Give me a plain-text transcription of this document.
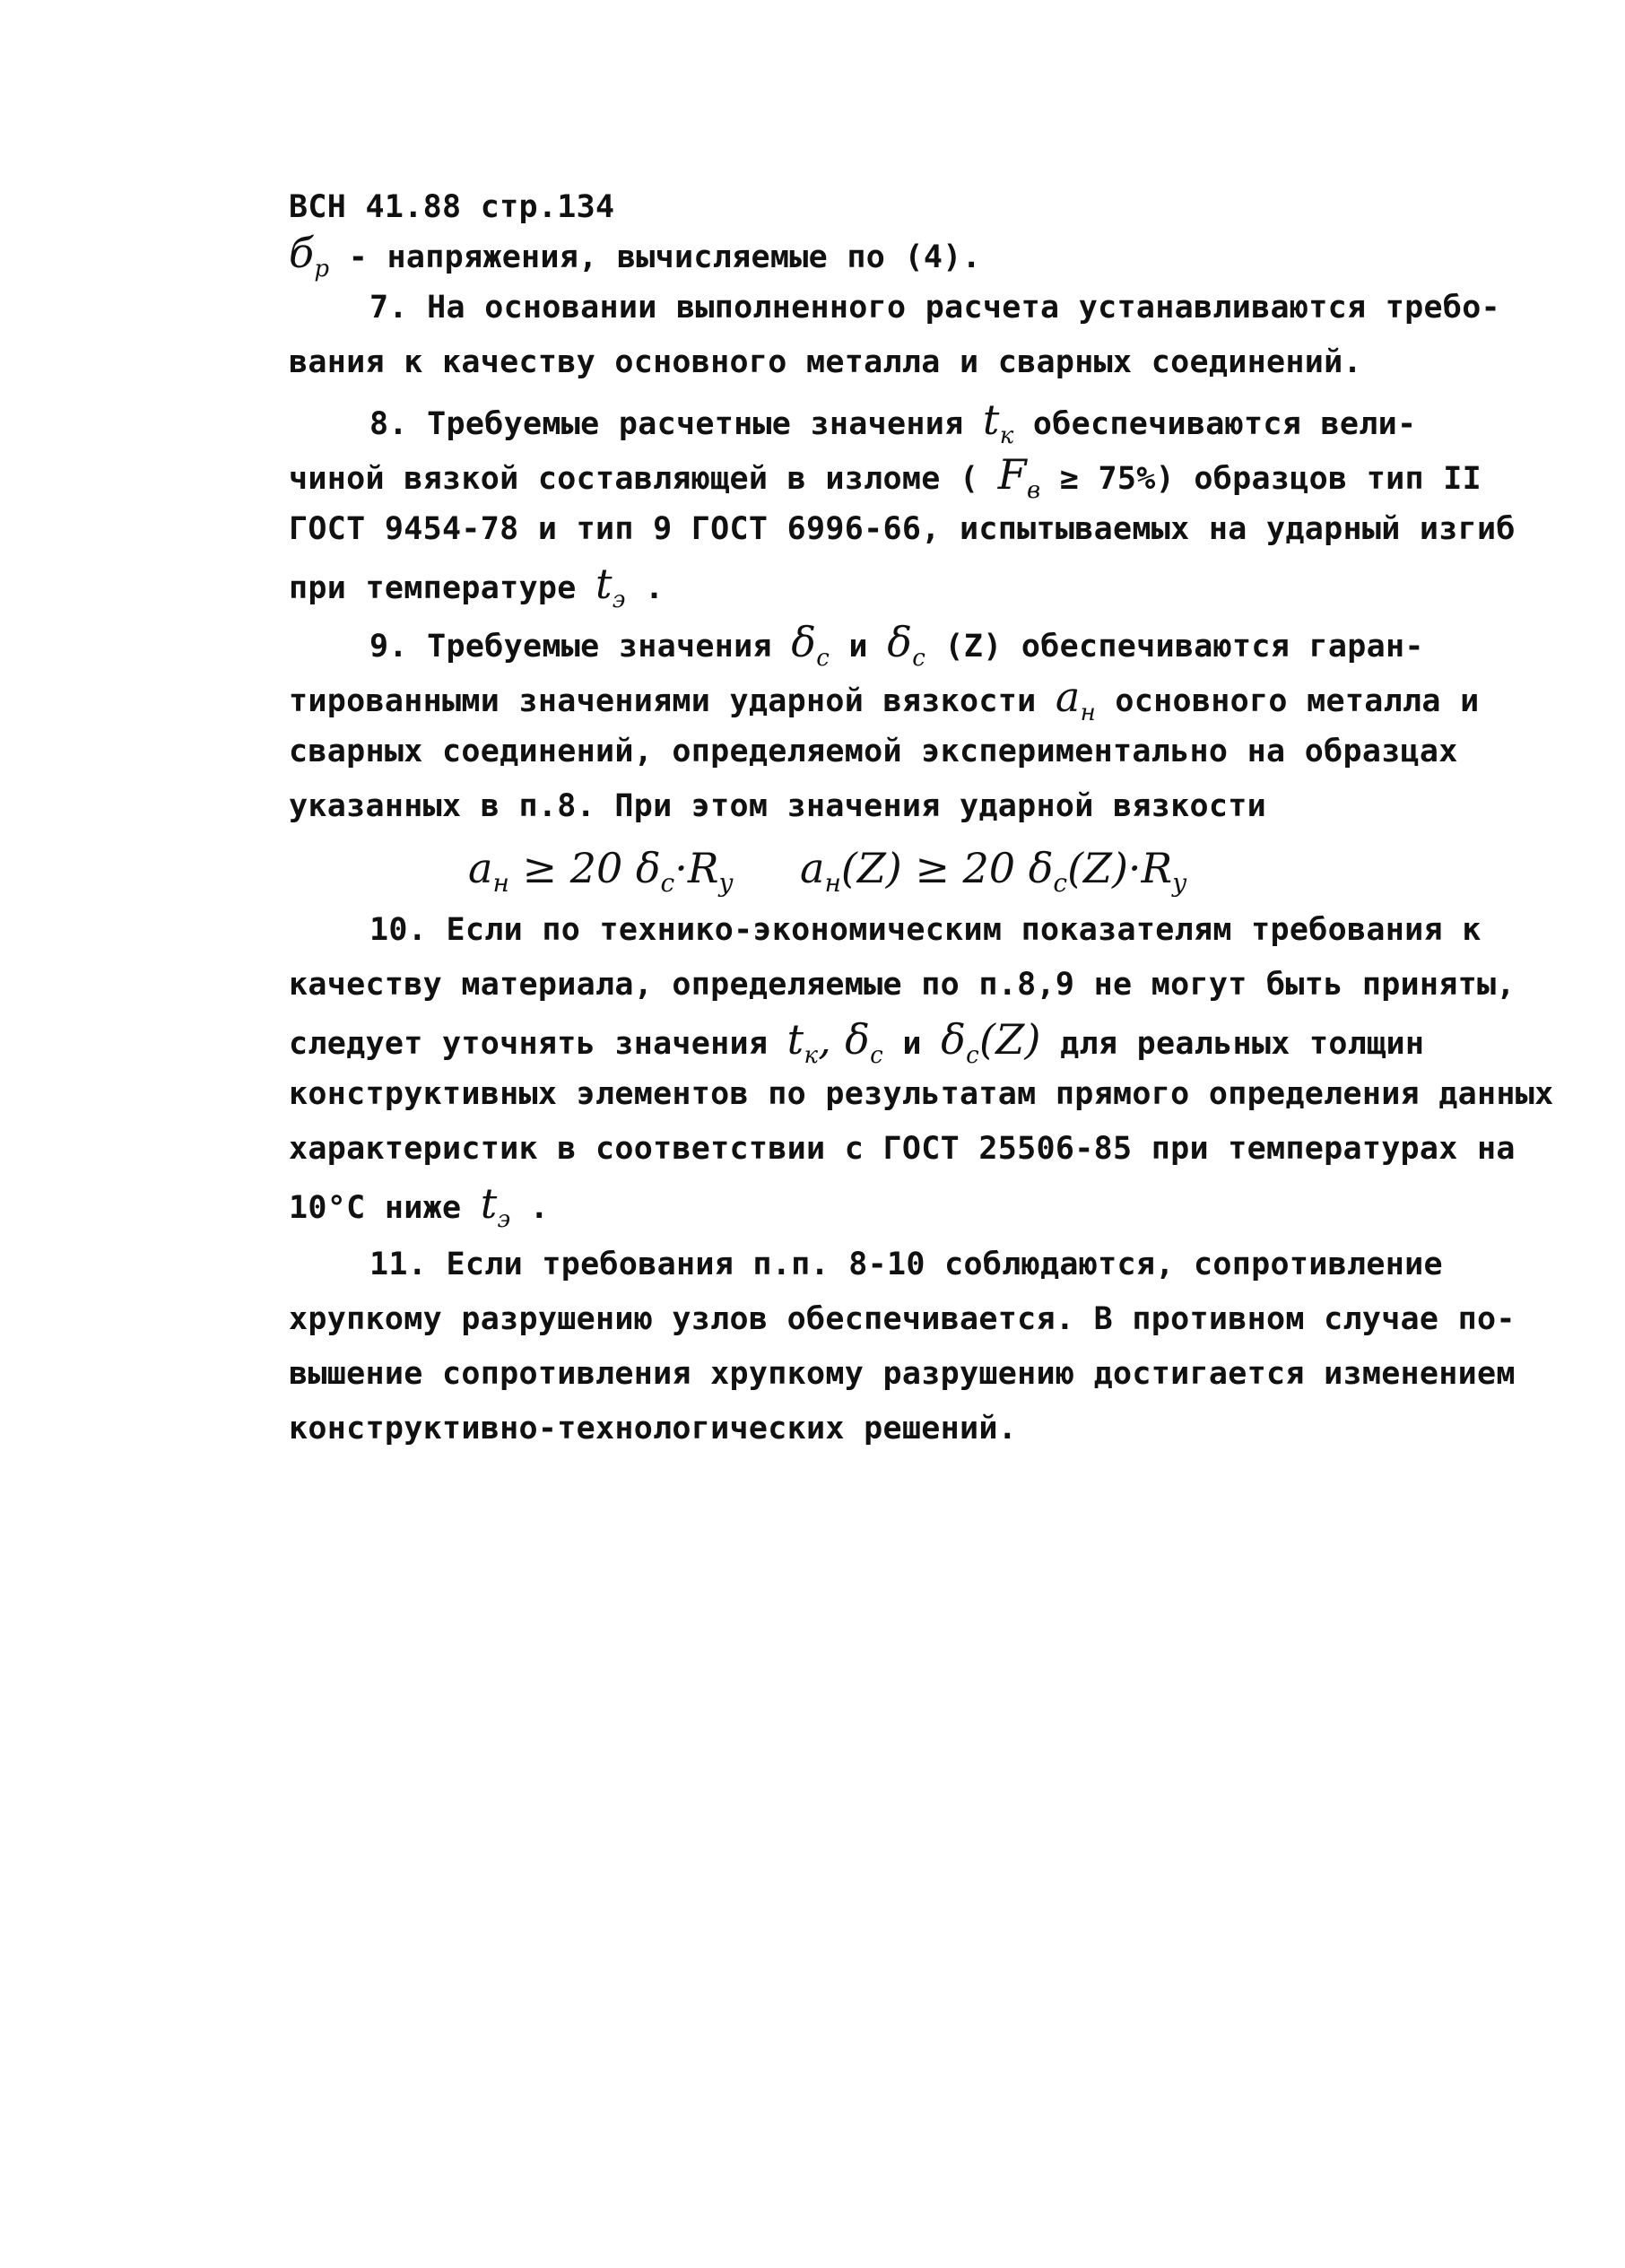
ВСН 41.88 стр.134
$б_р$ - напряжения, вычисляемые по (4).
7. На основании выполненного расчета устанавливаются требо-
вания к качеству основного металла и сварных соединений.
8. Требуемые расчетные значения $t_к$ обеспечиваются вели-
чиной вязкой составляющей в изломе ( $F_в \ge 75\%$) образцов тип II
ГОСТ 9454-78 и тип 9 ГОСТ 6996-66, испытываемых на ударный изгиб
при температуре $t_э$ .
9. Требуемые значения $\delta_c$ и $\delta_c$ (Z) обеспечиваются гаран-
тированными значениями ударной вязкости $a_н$ основного металла и
сварных соединений, определяемой экспериментально на образцах
указанных в п.8. При этом значения ударной вязкости
$a_н \ge 20$ $\delta_c\cdot R_y$ $a_н(Z) \ge 20$ $\delta_c(Z)\cdot R_y$
10. Если по технико-экономическим показателям требования к
качеству материала, определяемые по п.8,9 не могут быть приняты,
следует уточнять значения $t_к$, $\delta_c$ и $\delta_c(Z)$ для реальных толщин
конструктивных элементов по результатам прямого определения данных
характеристик в соответствии с ГОСТ 25506-85 при температурах на
10°С ниже $t_э$ .
11. Если требования п.п. 8-10 соблюдаются, сопротивление
хрупкому разрушению узлов обеспечивается. В противном случае по-
вышение сопротивления хрупкому разрушению достигается изменением
конструктивно-технологических решений.
